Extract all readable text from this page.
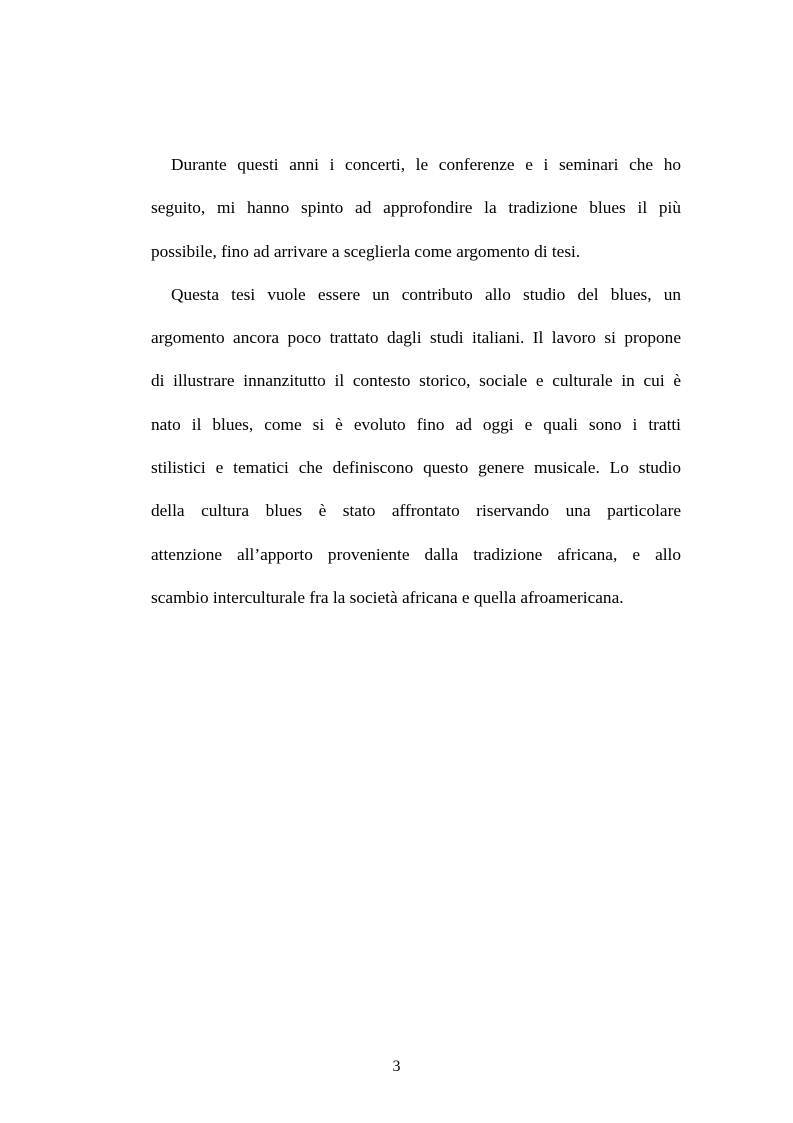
Durante questi anni i concerti, le conferenze e i seminari che ho
seguito, mi hanno spinto ad approfondire la tradizione blues il più
possibile, fino ad arrivare a sceglierla come argomento di tesi.
Questa tesi vuole essere un contributo allo studio del blues, un
argomento ancora poco trattato dagli studi italiani. Il lavoro si propone
di illustrare innanzitutto il contesto storico, sociale e culturale in cui è
nato il blues, come si è evoluto fino ad oggi e quali sono i tratti
stilistici e tematici che definiscono questo genere musicale. Lo studio
della cultura blues è stato affrontato riservando una particolare
attenzione all’apporto proveniente dalla tradizione africana, e allo
scambio interculturale fra la società africana e quella afroamericana.
3
